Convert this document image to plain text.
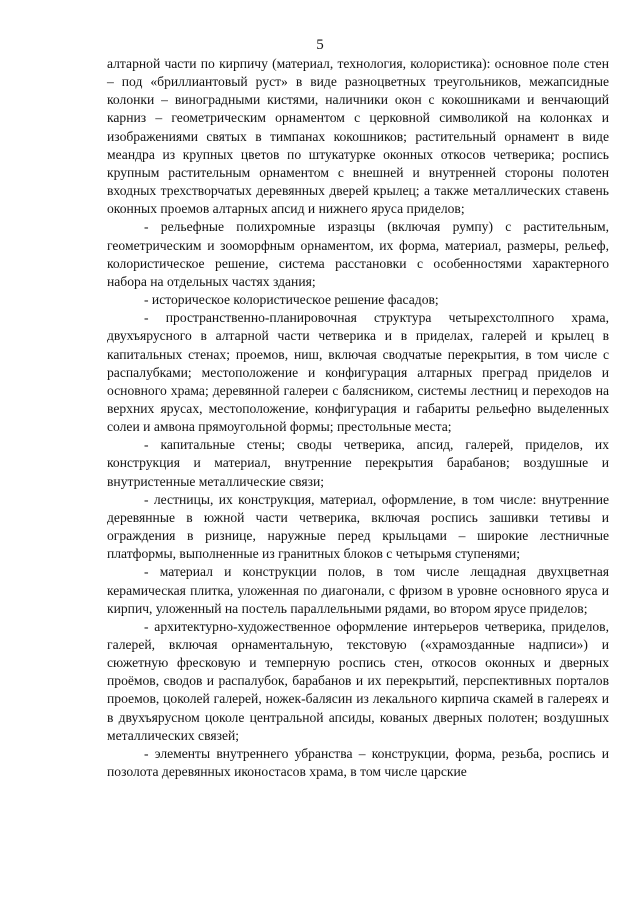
5

алтарной части по кирпичу (материал, технология, колористика): основное поле стен – под «бриллиантовый руст» в виде разноцветных треугольников, межапсидные колонки – виноградными кистями, наличники окон с кокошниками и венчающий карниз – геометрическим орнаментом с церковной символикой на колонках и изображениями святых в тимпанах кокошников; растительный орнамент в виде меандра из крупных цветов по штукатурке оконных откосов четверика; роспись крупным растительным орнаментом с внешней и внутренней стороны полотен входных трехстворчатых деревянных дверей крылец; а также металлических ставень оконных проемов алтарных апсид и нижнего яруса приделов;

- рельефные полихромные изразцы (включая румпу) с растительным, геометрическим и зооморфным орнаментом, их форма, материал, размеры, рельеф, колористическое решение, система расстановки с особенностями характерного набора на отдельных частях здания;

- историческое колористическое решение фасадов;

- пространственно-планировочная структура четырехстолпного храма, двухъярусного в алтарной части четверика и в приделах, галерей и крылец в капитальных стенах; проемов, ниш, включая сводчатые перекрытия, в том числе с распалубками; местоположение и конфигурация алтарных преград приделов и основного храма; деревянной галереи с балясником, системы лестниц и переходов на верхних ярусах, местоположение, конфигурация и габариты рельефно выделенных солеи и амвона прямоугольной формы; престольные места;

- капитальные стены; своды четверика, апсид, галерей, приделов, их конструкция и материал, внутренние перекрытия барабанов; воздушные и внутристенные металлические связи;

- лестницы, их конструкция, материал, оформление, в том числе: внутренние деревянные в южной части четверика, включая роспись зашивки тетивы и ограждения в ризнице, наружные перед крыльцами – широкие лестничные платформы, выполненные из гранитных блоков с четырьмя ступенями;

- материал и конструкции полов, в том числе лещадная двухцветная керамическая плитка, уложенная по диагонали, с фризом в уровне основного яруса и кирпич, уложенный на постель параллельными рядами, во втором ярусе приделов;

- архитектурно-художественное оформление интерьеров четверика, приделов, галерей, включая орнаментальную, текстовую («храмозданные надписи») и сюжетную фресковую и темперную роспись стен, откосов оконных и дверных проёмов, сводов и распалубок, барабанов и их перекрытий, перспективных порталов проемов, цоколей галерей, ножек-балясин из лекального кирпича скамей в галереях и в двухъярусном цоколе центральной апсиды, кованых дверных полотен; воздушных металлических связей;

- элементы внутреннего убранства – конструкции, форма, резьба, роспись и позолота деревянных иконостасов храма, в том числе царские
